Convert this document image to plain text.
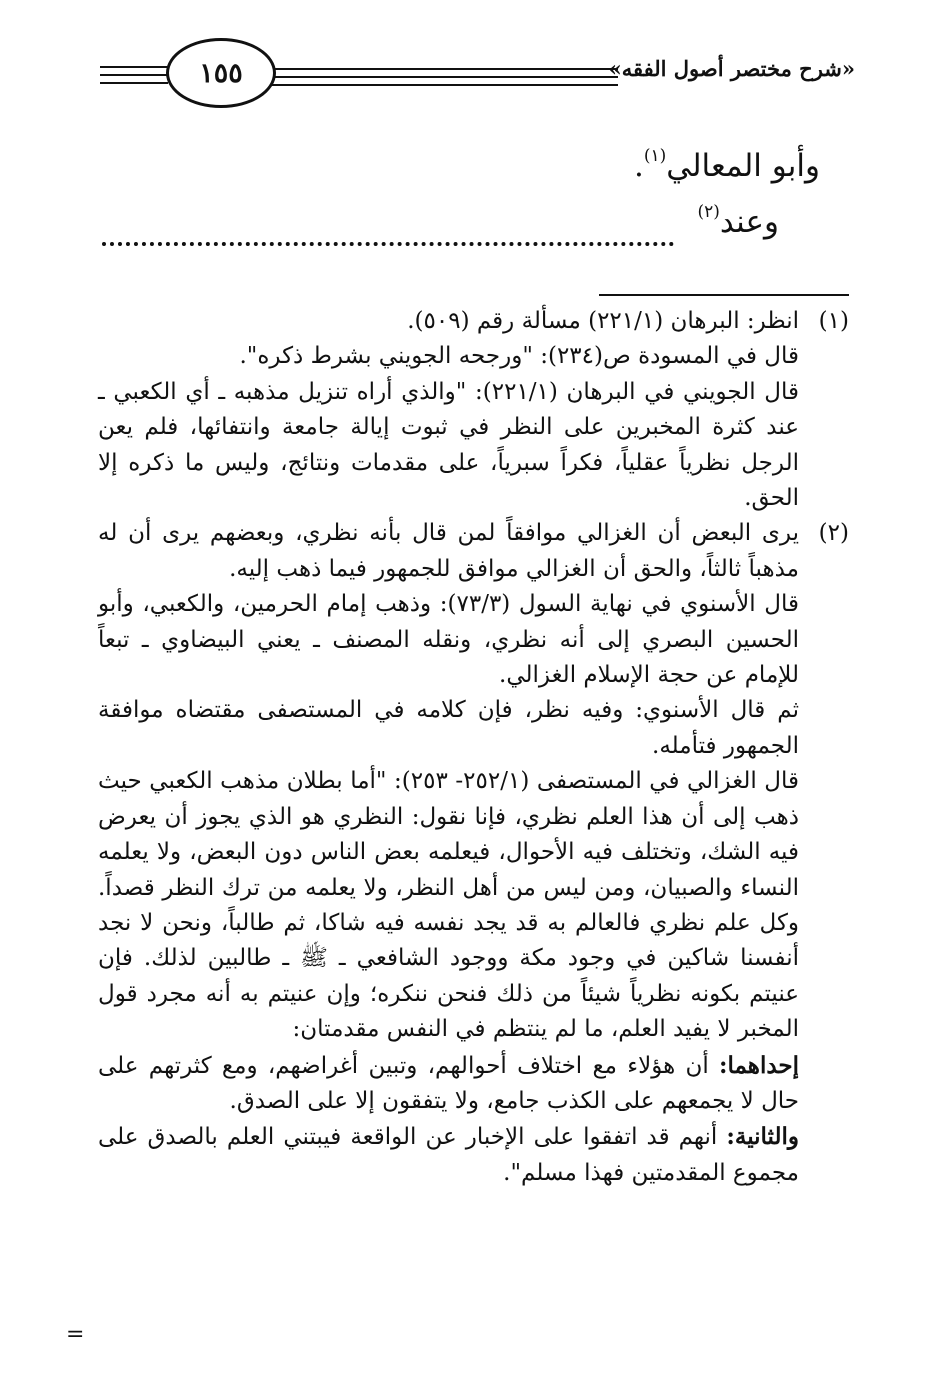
١٥٥	«شرح مختصر أصول الفقه»
وأبو المعالي$^{(١)}$.
وعند$^{(٢)}$

(١)انظر: البرهان (٢٢١/١) مسألة رقم (٥٠٩).

قال في المسودة ص(٢٣٤): "ورجحه الجويني بشرط ذكره".

قال الجويني في البرهان (٢٢١/١): "والذي أراه تنزيل مذهبه ـ أي الكعبي ـ عند كثرة المخبرين على النظر في ثبوت إيالة جامعة وانتفائها، فلم يعن الرجل نظرياً عقلياً، فكراً سبرياً، على مقدمات ونتائج، وليس ما ذكره إلا الحق.

(٢)يرى البعض أن الغزالي موافقاً لمن قال بأنه نظري، وبعضهم يرى أن له مذهباً ثالثاً، والحق أن الغزالي موافق للجمهور فيما ذهب إليه.

قال الأسنوي في نهاية السول (٧٣/٣): وذهب إمام الحرمين، والكعبي، وأبو الحسين البصري إلى أنه نظري، ونقله المصنف ـ يعني البيضاوي ـ تبعاً للإمام عن حجة الإسلام الغزالي.

ثم قال الأسنوي: وفيه نظر، فإن كلامه في المستصفى مقتضاه موافقة الجمهور فتأمله.

قال الغزالي في المستصفى (٢٥٢/١- ٢٥٣): "أما بطلان مذهب الكعبي حيث ذهب إلى أن هذا العلم نظري، فإنا نقول: النظري هو الذي يجوز أن يعرض فيه الشك، وتختلف فيه الأحوال، فيعلمه بعض الناس دون البعض، ولا يعلمه النساء والصبيان، ومن ليس من أهل النظر، ولا يعلمه من ترك النظر قصداً. وكل علم نظري فالعالم به قد يجد نفسه فيه شاكا، ثم طالباً، ونحن لا نجد أنفسنا شاكين في وجود مكة ووجود الشافعي ـ ﷺ ـ طالبين لذلك. فإن عنيتم بكونه نظرياً شيئاً من ذلك فنحن ننكره؛ وإن عنيتم به أنه مجرد قول المخبر لا يفيد العلم، ما لم ينتظم في النفس مقدمتان:

إحداهما: أن هؤلاء مع اختلاف أحوالهم، وتبين أغراضهم، ومع كثرتهم على حال لا يجمعهم على الكذب جامع، ولا يتفقون إلا على الصدق.

والثانية: أنهم قد اتفقوا على الإخبار عن الواقعة فيبتني العلم بالصدق على مجموع المقدمتين فهذا مسلم".

=
